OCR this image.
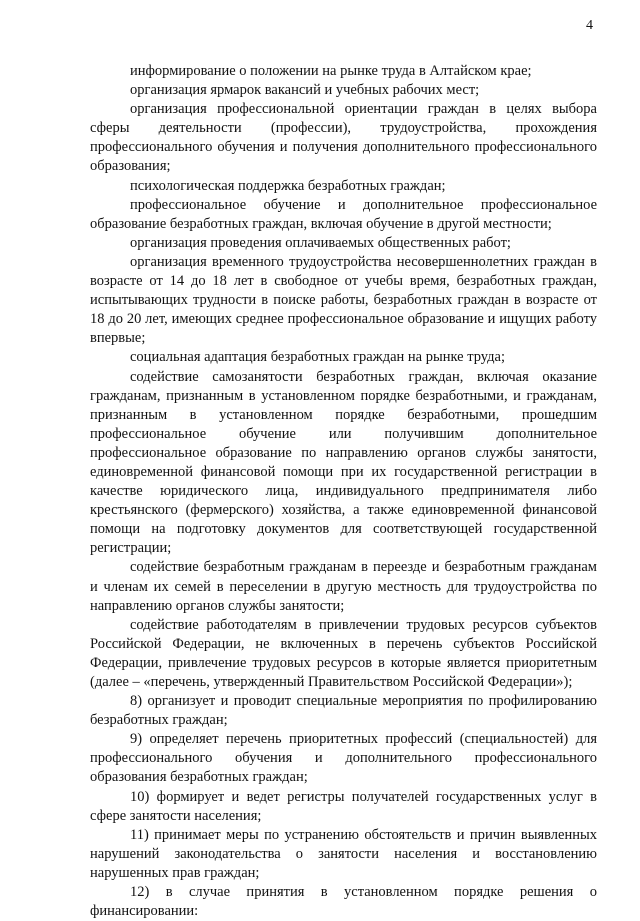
4

информирование о положении на рынке труда в Алтайском крае;

организация ярмарок вакансий и учебных рабочих мест;

организация профессиональной ориентации граждан в целях выбора сферы деятельности (профессии), трудоустройства, прохождения профессионального обучения и получения дополнительного профессионального образования;

психологическая поддержка безработных граждан;

профессиональное обучение и дополнительное профессиональное образование безработных граждан, включая обучение в другой местности;

организация проведения оплачиваемых общественных работ;

организация временного трудоустройства несовершеннолетних граждан в возрасте от 14 до 18 лет в свободное от учебы время, безработных граждан, испытывающих трудности в поиске работы, безработных граждан в возрасте от 18 до 20 лет, имеющих среднее профессиональное образование и ищущих работу впервые;

социальная адаптация безработных граждан на рынке труда;

содействие самозанятости безработных граждан, включая оказание гражданам, признанным в установленном порядке безработными, и гражданам, признанным в установленном порядке безработными, прошедшим профессиональное обучение или получившим дополнительное профессиональное образование по направлению органов службы занятости, единовременной финансовой помощи при их государственной регистрации в качестве юридического лица, индивидуального предпринимателя либо крестьянского (фермерского) хозяйства, а также единовременной финансовой помощи на подготовку документов для соответствующей государственной регистрации;

содействие безработным гражданам в переезде и безработным гражданам и членам их семей в переселении в другую местность для трудоустройства по направлению органов службы занятости;

содействие работодателям в привлечении трудовых ресурсов субъектов Российской Федерации, не включенных в перечень субъектов Российской Федерации, привлечение трудовых ресурсов в которые является приоритетным (далее – «перечень, утвержденный Правительством Российской Федерации»);

8) организует и проводит специальные мероприятия по профилированию безработных граждан;

9) определяет перечень приоритетных профессий (специальностей) для профессионального обучения и дополнительного профессионального образования безработных граждан;

10) формирует и ведет регистры получателей государственных услуг в сфере занятости населения;

11) принимает меры по устранению обстоятельств и причин выявленных нарушений законодательства о занятости населения и восстановлению нарушенных прав граждан;

12) в случае принятия в установленном порядке решения о финансировании:
